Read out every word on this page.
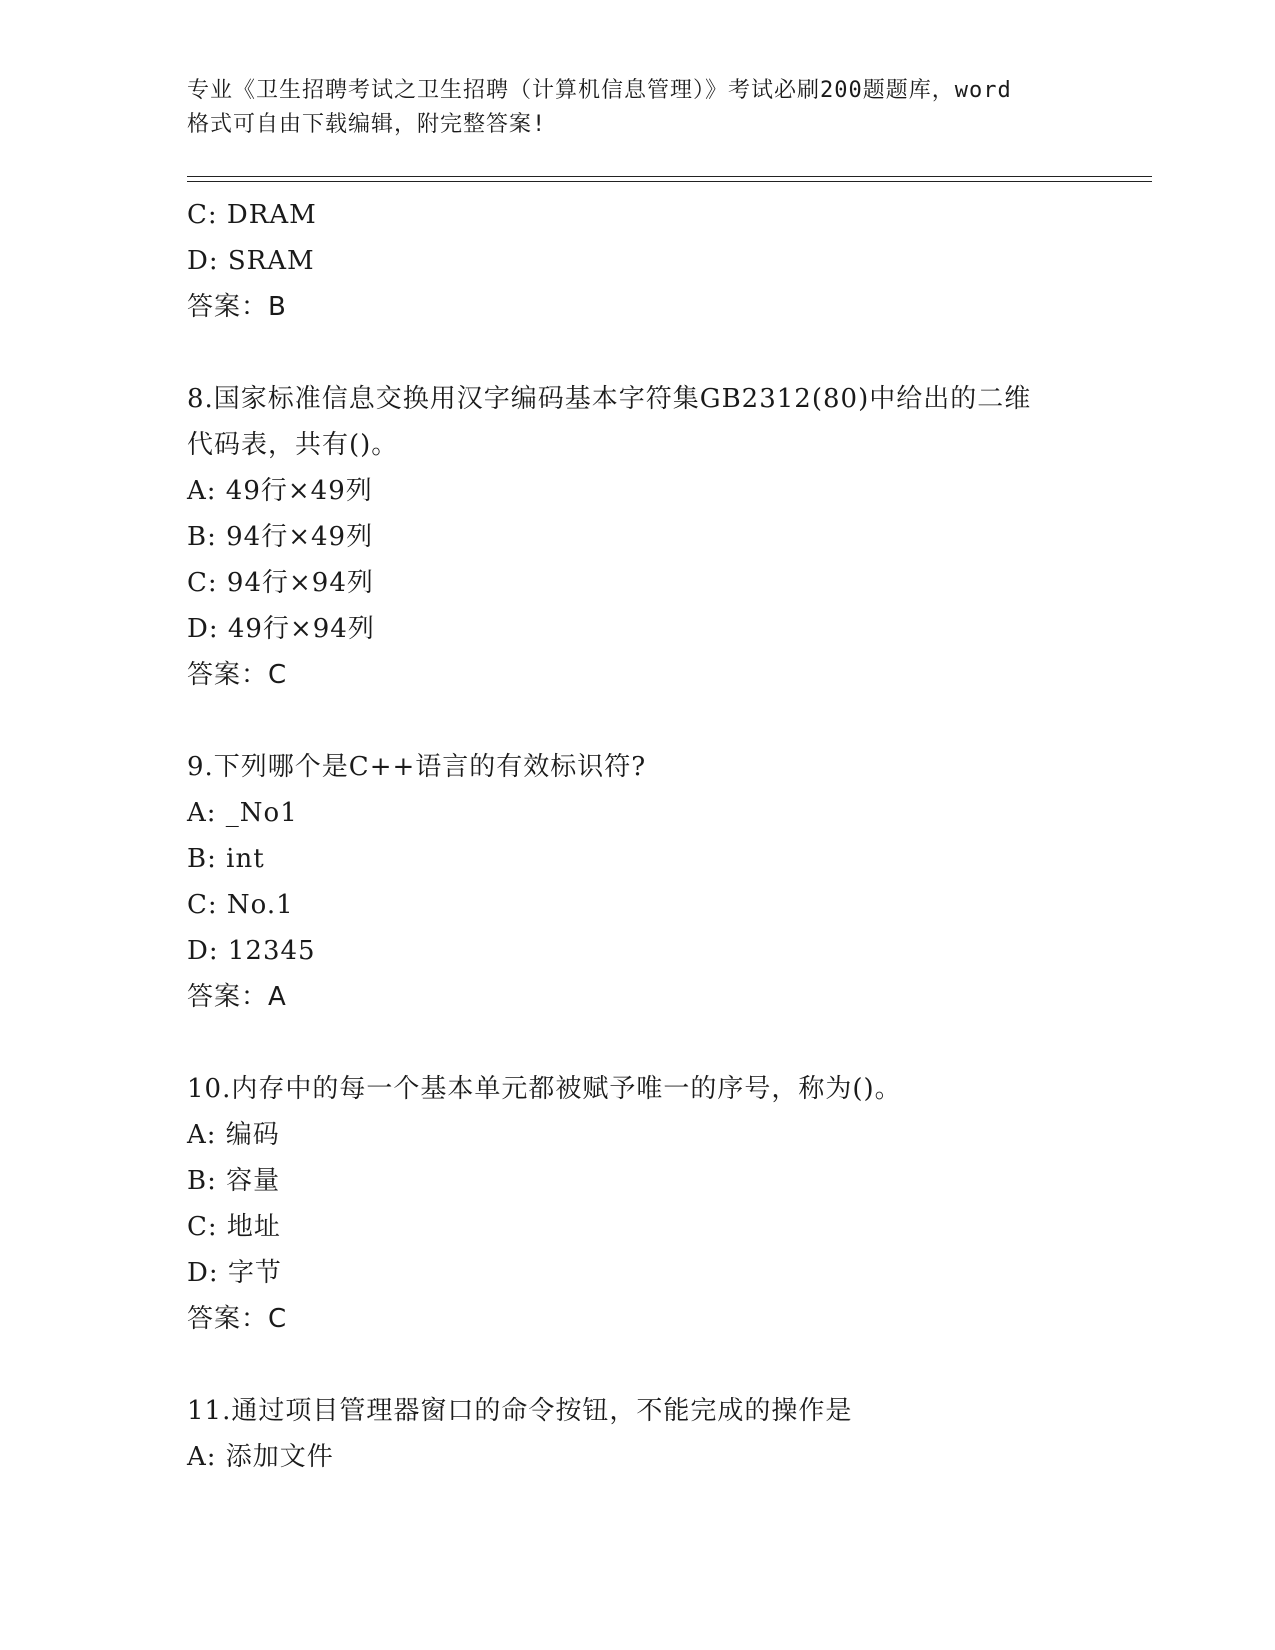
专业《卫生招聘考试之卫生招聘（计算机信息管理）》考试必刷200题题库，word
格式可自由下载编辑，附完整答案!
C: DRAM
D: SRAM
答案：B
8.国家标准信息交换用汉字编码基本字符集GB2312(80)中给出的二维
代码表，共有()。
A: 49行×49列
B: 94行×49列
C: 94行×94列
D: 49行×94列
答案：C
9.下列哪个是C++语言的有效标识符?
A: _No1
B: int
C: No.1
D: 12345
答案：A
10.内存中的每一个基本单元都被赋予唯一的序号，称为()。
A: 编码
B: 容量
C: 地址
D: 字节
答案：C
11.通过项目管理器窗口的命令按钮，不能完成的操作是
A: 添加文件
